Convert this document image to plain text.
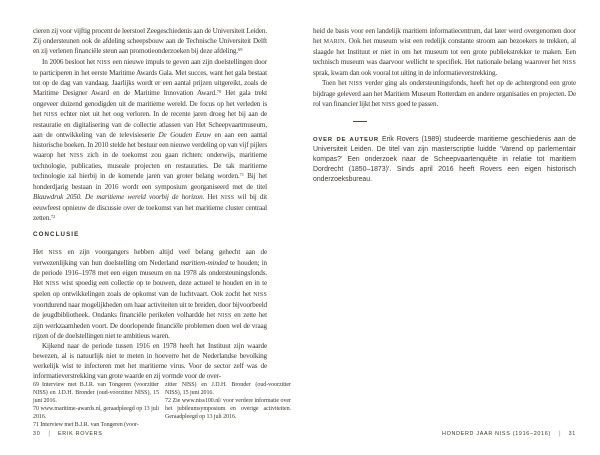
cieren zij voor vijftig procent de leerstoel Zeegeschiedenis aan de Universiteit Leiden. Zij ondersteunen ook de afdeling scheepsbouw aan de Technische Universiteit Delft en zij verlenen financiële steun aan promotieonderzoeken bij deze afdeling.$^{69}$

In 2006 besloot het NISS een nieuwe impuls te geven aan zijn doelstellingen door te participeren in het eerste Maritime Awards Gala. Met succes, want het gala bestaat tot op de dag van vandaag. Jaarlijks wordt er een aantal prijzen uitgereikt, zoals de Maritime Designer Award en de Maritime Innovation Award.$^{70}$ Het gala trekt ongeveer duizend genodigden uit de maritieme wereld. De focus op het verleden is het NISS echter niet uit het oog verloren. In de recente jaren droeg het bij aan de restauratie en digitalisering van de collectie atlassen van Het Scheepvaartmuseum, aan de ontwikkeling van de televisieserie De Gouden Eeuw en aan een aantal historische boeken. In 2010 stelde het bestuur een nieuwe verdeling op van vijf pijlers waarop het NISS zich in de toekomst zou gaan richten: onderwijs, maritieme technologie, publicaties, museale projecten en restauraties. De tak maritieme technologie zal hierbij in de komende jaren van groter belang worden.$^{71}$ Bij het honderdjarig bestaan in 2016 wordt een symposium georganiseerd met de titel Blauwdruk 2050. De maritieme wereld voorbij de horizon. Het NISS wil bij dit eeuwfeest opnieuw de discussie over de toekomst van het maritieme cluster centraal zetten.$^{72}$

CONCLUSIE

Het NISS en zijn voorgangers hebben altijd veel belang gehecht aan de verwezenlijking van hun doelstelling om Nederland maritiem-minded te houden; in de periode 1916–1978 met een eigen museum en na 1978 als ondersteuningsfonds. Het NISS wist spoedig een collectie op te bouwen, deze actueel te houden en in te spelen op ontwikkelingen zoals de opkomst van de luchtvaart. Ook zocht het NISS voortdurend naar mogelijkheden om haar activiteiten uit te breiden, door bijvoorbeeld de jeugdbibliotheek. Ondanks financiële perikelen volhardde het NISS en zette het zijn werkzaamheden voort. De doorlopende financiële problemen doen wel de vraag rijzen of de doelstellingen niet te ambitieus waren.

Kijkend naar de periode tussen 1916 en 1978 heeft het Instituut zijn waarde bewezen, al is natuurlijk niet te meten in hoeverre het de Nederlandse bevolking werkelijk wist te infecteren met het maritieme virus. Voor de sector zelf was de informatieverstrekking van grote waarde en zij vormde voor de over-

69 Interview met B.J.R. van Tongeren (voorzitter NISS) en J.D.H. Bronder (oud-voorzitter NISS), 15 juni 2016.

70 www.maritime-awards.nl, geraadpleegd op 13 juli 2016.

71 Interview met B.J.R. van Tongeren (voor-

zitter NISS) en J.D.H. Bronder (oud-voorzitter NISS), 15 juni 2016.

72 Zie www.niss100.nl/ voor verdere informatie over het jubileumsymposium en overige activiteiten. Geraadpleegd op 13 juli 2016.

30 | ERIK ROVERS

heid de basis voor een landelijk maritiem informatiecentrum, dat later werd overgenomen door het MARIN. Ook het museum wist een redelijk constante stroom aan bezoekers te trekken, al slaagde het Instituut er niet in om het museum tot een grote publiekstrekker te maken. Een technisch museum was daarvoor wellicht te specifiek. Het nationale belang waarover het NISS sprak, kwam dan ook vooral tot uiting in de informatieverstrekking.

Toen het NISS verder ging als ondersteuningsfonds, heeft het op de achtergrond een grote bijdrage geleverd aan het Maritiem Museum Rotterdam en andere organisaties en projecten. De rol van financier lijkt het NISS goed te passen.

OVER DE AUTEUR Erik Rovers (1989) studeerde maritieme geschiedenis aan de Universiteit Leiden. De titel van zijn masterscriptie luidde ‘Varend op parlementair kompas?’ Een onderzoek naar de Scheepvaartenquête in relatie tot maritiem Dordrecht (1850–1873)’. Sinds april 2016 heeft Rovers een eigen historisch onderzoeksbureau.

HONDERD JAAR NISS (1916–2016) | 31
